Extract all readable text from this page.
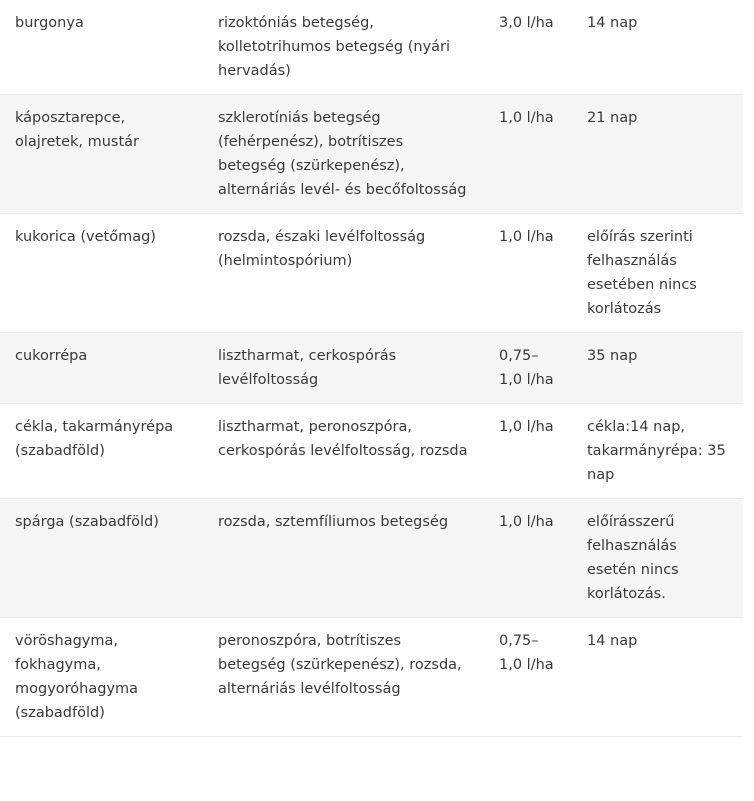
burgonya	rizoktóniás betegség,
kolletotrihumos betegség (nyári
hervadás)	3,0 l/ha	14 nap

káposztarepce,
olajretek, mustár	szklerotíniás betegség
(fehérpenész), botrítiszes
betegség (szürkepenész),
alternáriás levél- és becőfoltosság	1,0 l/ha	21 nap

kukorica (vetőmag)	rozsda, északi levélfoltosság
(helmintospórium)	1,0 l/ha	előírás szerinti
felhasználás
esetében nincs
korlátozás

cukorrépa	lisztharmat, cerkospórás
levélfoltosság	0,75–
1,0 l/ha	35 nap

cékla, takarmányrépa
(szabadföld)	lisztharmat, peronoszpóra,
cerkospórás levélfoltosság, rozsda	1,0 l/ha	cékla:14 nap,
takarmányrépa: 35
nap

spárga (szabadföld)	rozsda, sztemfíliumos betegség	1,0 l/ha	előírásszerű
felhasználás
esetén nincs
korlátozás.

vöröshagyma,
fokhagyma,
mogyoróhagyma
(szabadföld)	peronoszpóra, botrítiszes
betegség (szürkepenész), rozsda,
alternáriás levélfoltosság	0,75–
1,0 l/ha	14 nap
